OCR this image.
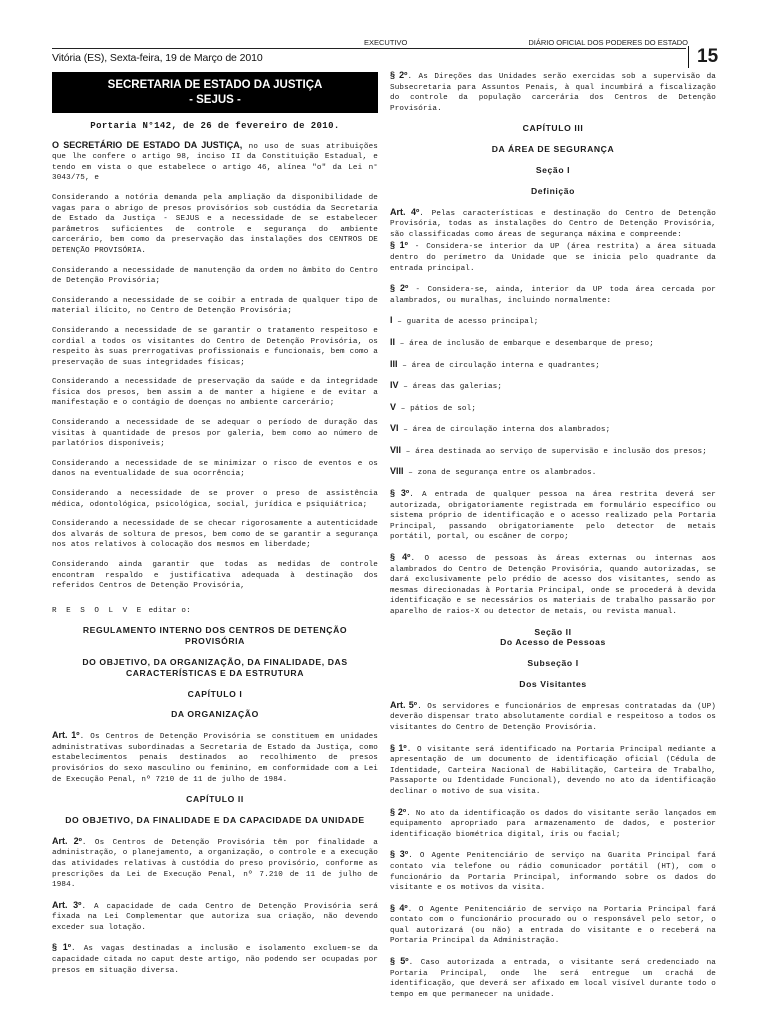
EXECUTIVO	DIÁRIO OFICIAL DOS PODERES DO ESTADO
Vitória (ES), Sexta-feira, 19 de Março de 2010	15
SECRETARIA DE ESTADO DA JUSTIÇA
- SEJUS -
Portaria N°142, de 26 de fevereiro de 2010.

O SECRETÁRIO DE ESTADO DA JUSTIÇA, no uso de suas atribuições que lhe confere o artigo 98, inciso II da Constituição Estadual, e tendo em vista o que estabelece o artigo 46, alínea "o" da Lei n° 3043/75, e

Considerando a notória demanda pela ampliação da disponibilidade de vagas para o abrigo de presos provisórios sob custódia da Secretaria de Estado da Justiça - SEJUS e a necessidade de se estabelecer parâmetros suficientes de controle e segurança do ambiente carcerário, bem como da preservação das instalações dos CENTROS DE DETENÇÃO PROVISÓRIA.

Considerando a necessidade de manutenção da ordem no âmbito do Centro de Detenção Provisória;

Considerando a necessidade de se coibir a entrada de qualquer tipo de material ilícito, no Centro de Detenção Provisória;

Considerando a necessidade de se garantir o tratamento respeitoso e cordial a todos os visitantes do Centro de Detenção Provisória, os respeito às suas prerrogativas profissionais e funcionais, bem como a preservação de suas integridades físicas;

Considerando a necessidade de preservação da saúde e da integridade física dos presos, bem assim a de manter a higiene e de evitar a manifestação e o contágio de doenças no ambiente carcerário;

Considerando a necessidade de se adequar o período de duração das visitas à quantidade de presos por galeria, bem como ao número de parlatórios disponíveis;

Considerando a necessidade de se minimizar o risco de eventos e os danos na eventualidade de sua ocorrência;

Considerando a necessidade de se prover o preso de assistência médica, odontológica, psicológica, social, jurídica e psiquiátrica;

Considerando a necessidade de se checar rigorosamente a autenticidade dos alvarás de soltura de presos, bem como de se garantir a segurança nos atos relativos à colocação dos mesmos em liberdade;

Considerando ainda garantir que todas as medidas de controle encontram respaldo e justificativa adequada à destinação dos referidos Centros de Detenção Provisória,

R E S O L V E editar o:

REGULAMENTO INTERNO DOS CENTROS DE DETENÇÃO PROVISÓRIA
DO OBJETIVO, DA ORGANIZAÇÃO, DA FINALIDADE, DAS CARACTERÍSTICAS E DA ESTRUTURA
CAPÍTULO I
DA ORGANIZAÇÃO

Art. 1º. Os Centros de Detenção Provisória se constituem em unidades administrativas subordinadas a Secretaria de Estado da Justiça, como estabelecimentos penais destinados ao recolhimento de presos provisórios do sexo masculino ou feminino, em conformidade com a Lei de Execução Penal, nº 7210 de 11 de julho de 1984.

CAPÍTULO II
DO OBJETIVO, DA FINALIDADE E DA CAPACIDADE DA UNIDADE

Art. 2º. Os Centros de Detenção Provisória têm por finalidade a administração, o planejamento, a organização, o controle e a execução das atividades relativas à custódia do preso provisório, conforme as prescrições da Lei de Execução Penal, nº 7.210 de 11 de julho de 1984.

Art. 3º. A capacidade de cada Centro de Detenção Provisória será fixada na Lei Complementar que autoriza sua criação, não devendo exceder sua lotação.

§ 1º. As vagas destinadas a inclusão e isolamento excluem-se da capacidade citada no caput deste artigo, não podendo ser ocupadas por presos em situação diversa.

§ 2º. As Direções das Unidades serão exercidas sob a supervisão da Subsecretaria para Assuntos Penais, à qual incumbirá a fiscalização do controle da população carcerária dos Centros de Detenção Provisória.

CAPÍTULO III
DA ÁREA DE SEGURANÇA
Seção I
Definição

Art. 4º. Pelas características e destinação do Centro de Detenção Provisória, todas as instalações do Centro de Detenção Provisória, são classificadas como áreas de segurança máxima e compreende:
§ 1º - Considera-se interior da UP (área restrita) a área situada dentro do perímetro da Unidade que se inicia pelo quadrante da entrada principal.

§ 2º - Considera-se, ainda, interior da UP toda área cercada por alambrados, ou muralhas, incluindo normalmente:

I – guarita de acesso principal;

II – área de inclusão de embarque e desembarque de preso;

III – área de circulação interna e quadrantes;

IV – áreas das galerias;

V – pátios de sol;

VI – área de circulação interna dos alambrados;

VII – área destinada ao serviço de supervisão e inclusão dos presos;

VIII – zona de segurança entre os alambrados.

§ 3º. A entrada de qualquer pessoa na área restrita deverá ser autorizada, obrigatoriamente registrada em formulário específico ou sistema próprio de identificação e o acesso realizado pela Portaria Principal, passando obrigatoriamente pelo detector de metais portátil, portal, ou escâner de corpo;

§ 4º. O acesso de pessoas às áreas externas ou internas aos alambrados do Centro de Detenção Provisória, quando autorizadas, se dará exclusivamente pelo prédio de acesso dos visitantes, sendo as mesmas direcionadas à Portaria Principal, onde se procederá à devida identificação e se necessários os materiais de trabalho passarão por aparelho de raios-X ou detector de metais, ou revista manual.

Seção II
Do Acesso de Pessoas
Subseção I
Dos Visitantes

Art. 5º. Os servidores e funcionários de empresas contratadas da (UP) deverão dispensar trato absolutamente cordial e respeitoso a todos os visitantes do Centro de Detenção Provisória.

§ 1º. O visitante será identificado na Portaria Principal mediante a apresentação de um documento de identificação oficial (Cédula de Identidade, Carteira Nacional de Habilitação, Carteira de Trabalho, Passaporte ou Identidade Funcional), devendo no ato da identificação declinar o motivo de sua visita.

§ 2º. No ato da identificação os dados do visitante serão lançados em equipamento apropriado para armazenamento de dados, e posterior identificação biométrica digital, íris ou facial;

§ 3º. O Agente Penitenciário de serviço na Guarita Principal fará contato via telefone ou rádio comunicador portátil (HT), com o funcionário da Portaria Principal, informando sobre os dados do visitante e os motivos da visita.

§ 4º. O Agente Penitenciário de serviço na Portaria Principal fará contato com o funcionário procurado ou o responsável pelo setor, o qual autorizará (ou não) a entrada do visitante e o receberá na Portaria Principal da Administração.

§ 5º. Caso autorizada a entrada, o visitante será credenciado na Portaria Principal, onde lhe será entregue um crachá de identificação, que deverá ser afixado em local visível durante todo o tempo em que permanecer na unidade.
